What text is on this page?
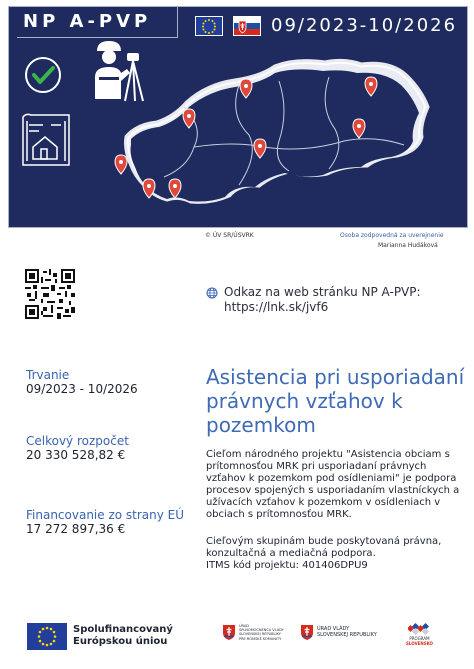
NP A-PVP	09/2023-10/2026
© ÚV SR/ÚSVRK	Osoba zodpovedná za uverejnenie
Marianna Hudáková
Odkaz na web stránku NP A-PVP:
https://lnk.sk/jvf6
Trvanie
09/2023 - 10/2026
Celkový rozpočet
20 330 528,82 €
Financovanie zo strany EÚ
17 272 897,36 €
Asistencia pri usporiadaní právnych vzťahov k pozemkom
Cieľom národného projektu "Asistencia obciam s prítomnosťou MRK pri usporiadaní právnych vzťahov k pozemkom pod osídleniami" je podpora procesov spojených s usporiadaním vlastníckych a užívacích vzťahov k pozemkom v osídleniach v obciach s prítomnosťou MRK.
Cieľovým skupinám bude poskytovaná právna, konzultačná a mediačná podpora.
ITMS kód projektu: 401406DPU9
Spolufinancovaný
Európskou úniou
ÚRAD
SPLNOMOCNENCA VLÁDY
SLOVENSKEJ REPUBLIKY
PRE RÓMSKE KOMUNITY
ÚRAD VLÁDY
SLOVENSKEJ REPUBLIKY
PROGRAM
SLOVENSKO
